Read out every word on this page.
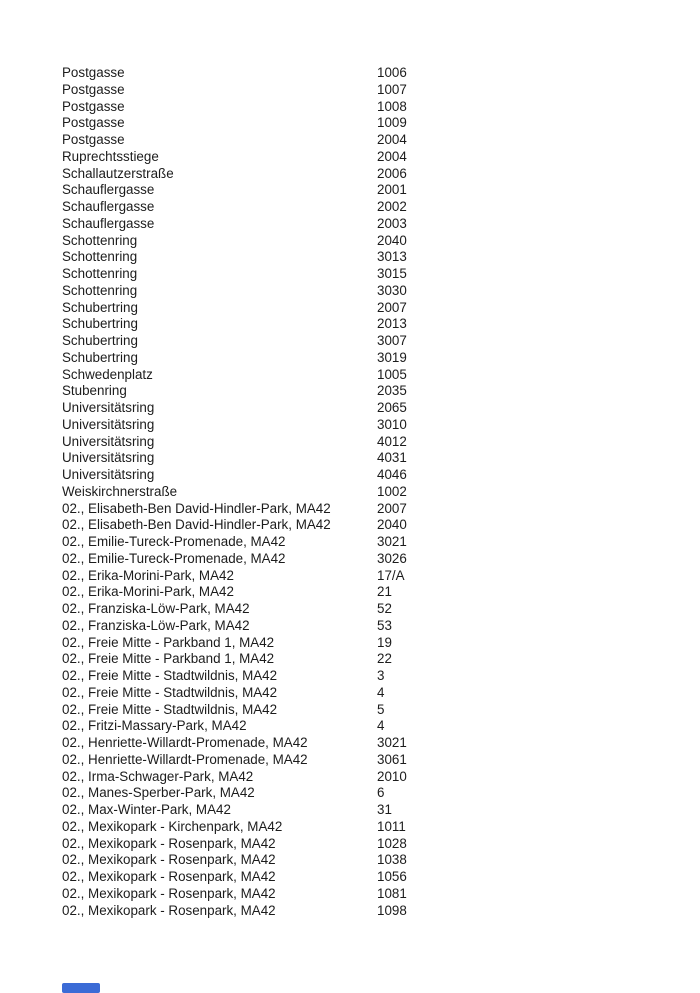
Postgasse	1006
Postgasse	1007
Postgasse	1008
Postgasse	1009
Postgasse	2004
Ruprechtsstiege	2004
Schallautzerstraße	2006
Schauflergasse	2001
Schauflergasse	2002
Schauflergasse	2003
Schottenring	2040
Schottenring	3013
Schottenring	3015
Schottenring	3030
Schubertring	2007
Schubertring	2013
Schubertring	3007
Schubertring	3019
Schwedenplatz	1005
Stubenring	2035
Universitätsring	2065
Universitätsring	3010
Universitätsring	4012
Universitätsring	4031
Universitätsring	4046
Weiskirchnerstraße	1002
02., Elisabeth-Ben David-Hindler-Park, MA42	2007
02., Elisabeth-Ben David-Hindler-Park, MA42	2040
02., Emilie-Tureck-Promenade, MA42	3021
02., Emilie-Tureck-Promenade, MA42	3026
02., Erika-Morini-Park, MA42	17/A
02., Erika-Morini-Park, MA42	21
02., Franziska-Löw-Park, MA42	52
02., Franziska-Löw-Park, MA42	53
02., Freie Mitte - Parkband 1, MA42	19
02., Freie Mitte - Parkband 1, MA42	22
02., Freie Mitte - Stadtwildnis, MA42	3
02., Freie Mitte - Stadtwildnis, MA42	4
02., Freie Mitte - Stadtwildnis, MA42	5
02., Fritzi-Massary-Park, MA42	4
02., Henriette-Willardt-Promenade, MA42	3021
02., Henriette-Willardt-Promenade, MA42	3061
02., Irma-Schwager-Park, MA42	2010
02., Manes-Sperber-Park, MA42	6
02., Max-Winter-Park, MA42	31
02., Mexikopark - Kirchenpark, MA42	1011
02., Mexikopark - Rosenpark, MA42	1028
02., Mexikopark - Rosenpark, MA42	1038
02., Mexikopark - Rosenpark, MA42	1056
02., Mexikopark - Rosenpark, MA42	1081
02., Mexikopark - Rosenpark, MA42	1098
